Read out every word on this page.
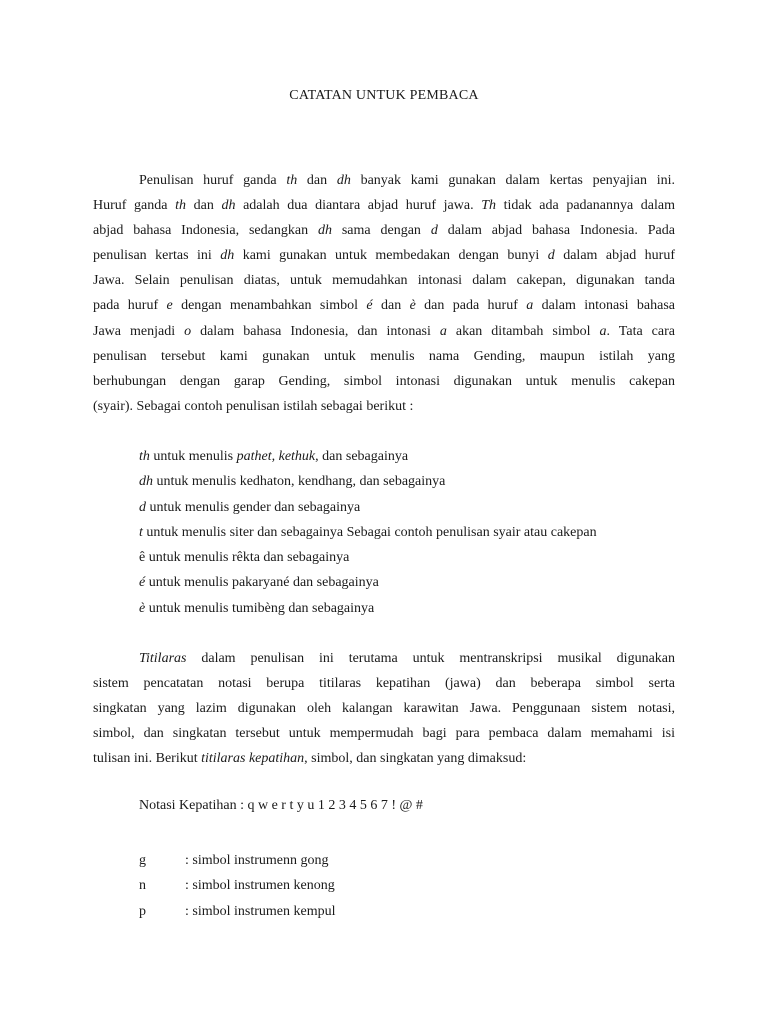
CATATAN UNTUK PEMBACA

Penulisan huruf ganda th dan dh banyak kami gunakan dalam kertas penyajian ini.
Huruf ganda th dan dh adalah dua diantara abjad huruf jawa. Th tidak ada padanannya dalam
abjad bahasa Indonesia, sedangkan dh sama dengan d dalam abjad bahasa Indonesia. Pada
penulisan kertas ini dh kami gunakan untuk membedakan dengan bunyi d dalam abjad huruf
Jawa. Selain penulisan diatas, untuk memudahkan intonasi dalam cakepan, digunakan tanda
pada huruf e dengan menambahkan simbol é dan è dan pada huruf a dalam intonasi bahasa
Jawa menjadi o dalam bahasa Indonesia, dan intonasi a akan ditambah simbol a. Tata cara
penulisan tersebut kami gunakan untuk menulis nama Gending, maupun istilah yang
berhubungan dengan garap Gending, simbol intonasi digunakan untuk menulis cakepan
(syair). Sebagai contoh penulisan istilah sebagai berikut :

th untuk menulis pathet, kethuk, dan sebagainya
dh untuk menulis kedhaton, kendhang, dan sebagainya
d untuk menulis gender dan sebagainya
t untuk menulis siter dan sebagainya Sebagai contoh penulisan syair atau cakepan
ê untuk menulis rêkta dan sebagainya
é untuk menulis pakaryané dan sebagainya
è untuk menulis tumibèng dan sebagainya

Titilaras dalam penulisan ini terutama untuk mentranskripsi musikal digunakan
sistem pencatatan notasi berupa titilaras kepatihan (jawa) dan beberapa simbol serta
singkatan yang lazim digunakan oleh kalangan karawitan Jawa. Penggunaan sistem notasi,
simbol, dan singkatan tersebut untuk mempermudah bagi para pembaca dalam memahami isi
tulisan ini. Berikut titilaras kepatihan, simbol, dan singkatan yang dimaksud:

Notasi Kepatihan : q w e r t y u 1 2 3 4 5 6 7 ! @ #
g	: simbol instrumenn gong
n	: simbol instrumen kenong
p	: simbol instrumen kempul
